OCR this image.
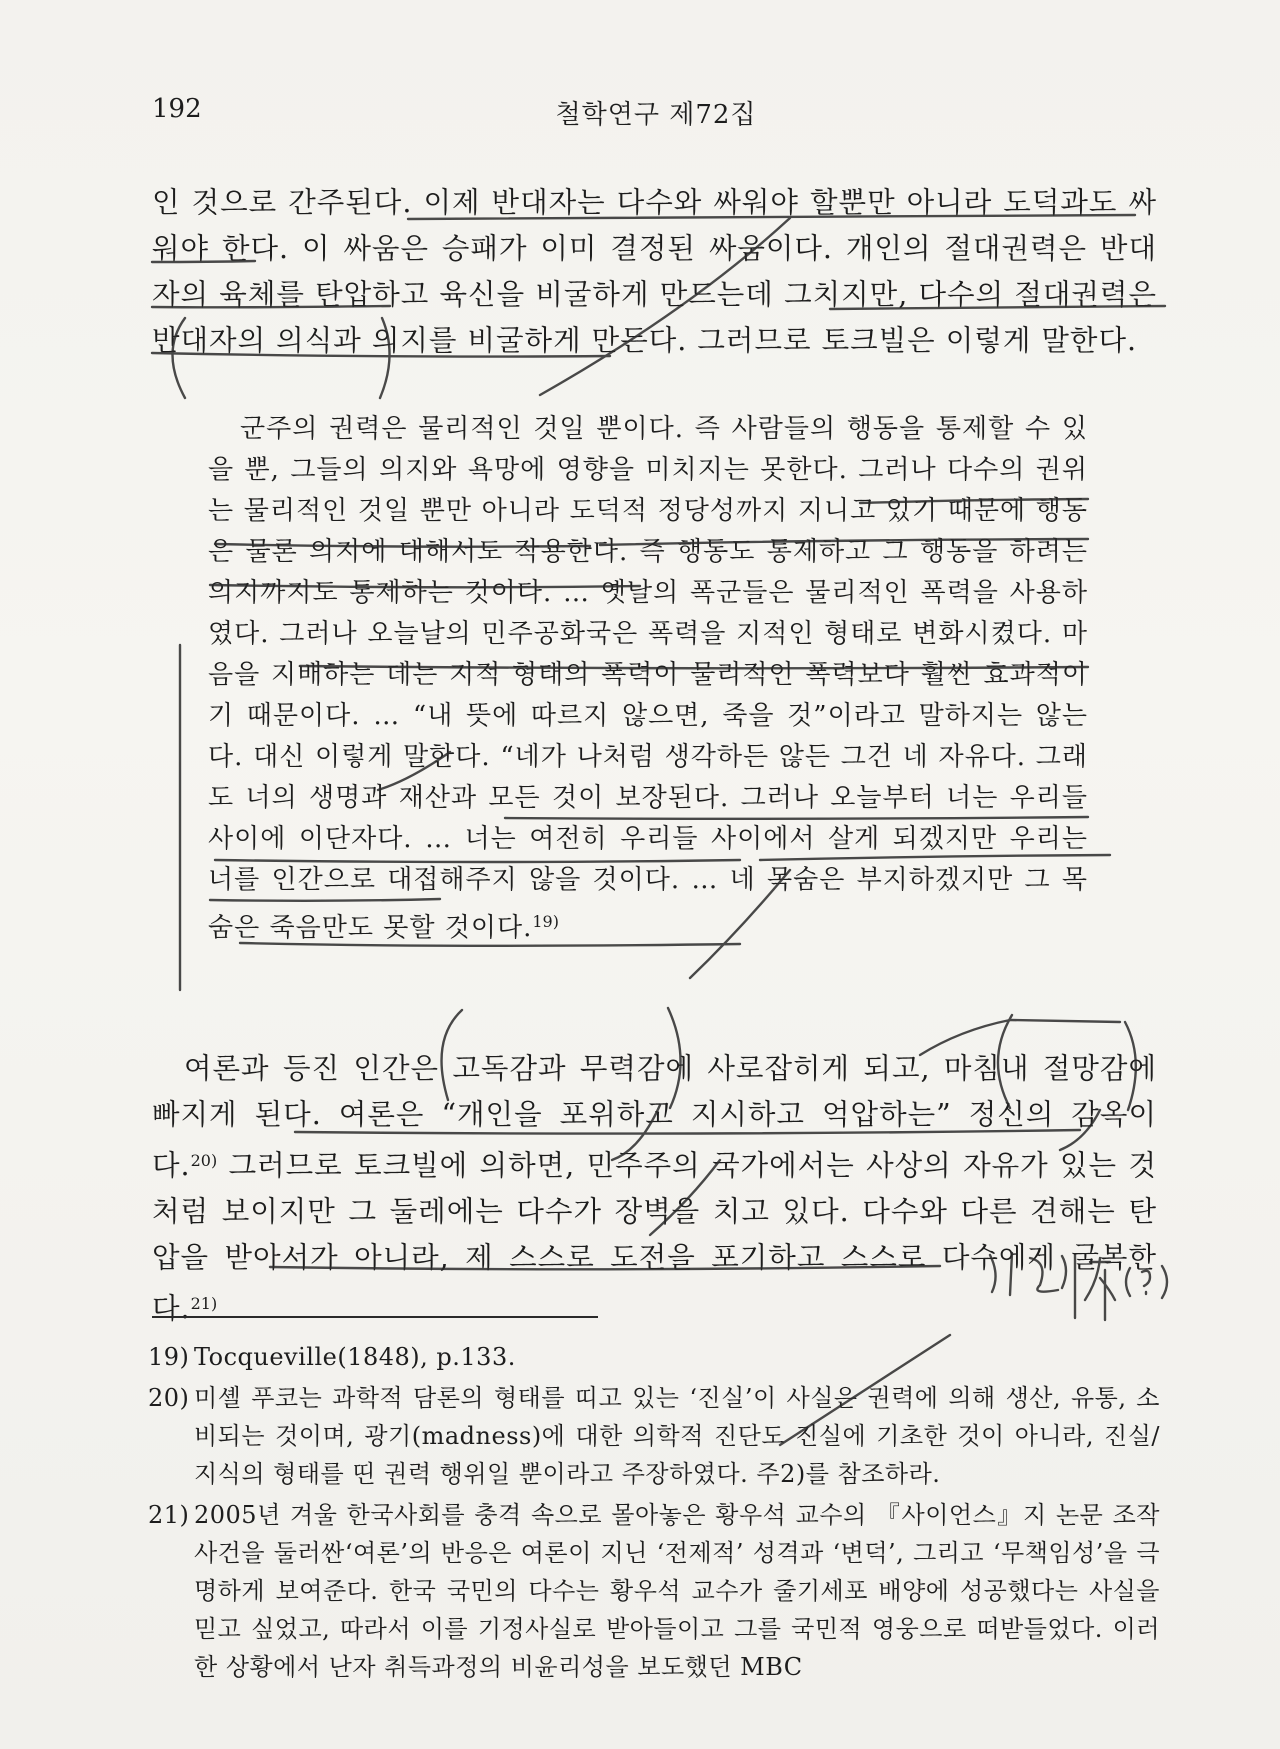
192	철학연구 제72집

인 것으로 간주된다. 이제 반대자는 다수와 싸워야 할뿐만 아니라 도덕과도 싸워야 한다. 이 싸움은 승패가 이미 결정된 싸움이다. 개인의 절대권력은 반대자의 육체를 탄압하고 육신을 비굴하게 만드는데 그치지만, 다수의 절대권력은 반대자의 의식과 의지를 비굴하게 만든다. 그러므로 토크빌은 이렇게 말한다.

군주의 권력은 물리적인 것일 뿐이다. 즉 사람들의 행동을 통제할 수 있을 뿐, 그들의 의지와 욕망에 영향을 미치지는 못한다. 그러나 다수의 권위는 물리적인 것일 뿐만 아니라 도덕적 정당성까지 지니고 있기 때문에 행동은 물론 의지에 대해서도 작용한다. 즉 행동도 통제하고 그 행동을 하려는 의지까지도 통제하는 것이다. … 옛날의 폭군들은 물리적인 폭력을 사용하였다. 그러나 오늘날의 민주공화국은 폭력을 지적인 형태로 변화시켰다. 마음을 지배하는 데는 지적 형태의 폭력이 물리적인 폭력보다 훨씬 효과적이기 때문이다. … “내 뜻에 따르지 않으면, 죽을 것”이라고 말하지는 않는다. 대신 이렇게 말한다. “네가 나처럼 생각하든 않든 그건 네 자유다. 그래도 너의 생명과 재산과 모든 것이 보장된다. 그러나 오늘부터 너는 우리들 사이에 이단자다. … 너는 여전히 우리들 사이에서 살게 되겠지만 우리는 너를 인간으로 대접해주지 않을 것이다. … 네 목숨은 부지하겠지만 그 목숨은 죽음만도 못할 것이다.$^{19)}$

여론과 등진 인간은 고독감과 무력감에 사로잡히게 되고, 마침내 절망감에 빠지게 된다. 여론은 “개인을 포위하고 지시하고 억압하는” 정신의 감옥이다.$^{20)}$ 그러므로 토크빌에 의하면, 민주주의 국가에서는 사상의 자유가 있는 것처럼 보이지만 그 둘레에는 다수가 장벽을 치고 있다. 다수와 다른 견해는 탄압을 받아서가 아니라, 제 스스로 도전을 포기하고 스스로 다수에게 굴복한다.$^{21)}$

19) Tocqueville(1848), p.133.

20) 미셸 푸코는 과학적 담론의 형태를 띠고 있는 ‘진실’이 사실은 권력에 의해 생산, 유통, 소비되는 것이며, 광기(madness)에 대한 의학적 진단도 진실에 기초한 것이 아니라, 진실/지식의 형태를 띤 권력 행위일 뿐이라고 주장하였다. 주2)를 참조하라.

21) 2005년 겨울 한국사회를 충격 속으로 몰아놓은 황우석 교수의 『사이언스』지 논문 조작 사건을 둘러싼‘여론’의 반응은 여론이 지닌 ‘전제적’ 성격과 ‘변덕’, 그리고 ‘무책임성’을 극명하게 보여준다. 한국 국민의 다수는 황우석 교수가 줄기세포 배양에 성공했다는 사실을 믿고 싶었고, 따라서 이를 기정사실로 받아들이고 그를 국민적 영웅으로 떠받들었다. 이러한 상황에서 난자 취득과정의 비윤리성을 보도했던 MBC
